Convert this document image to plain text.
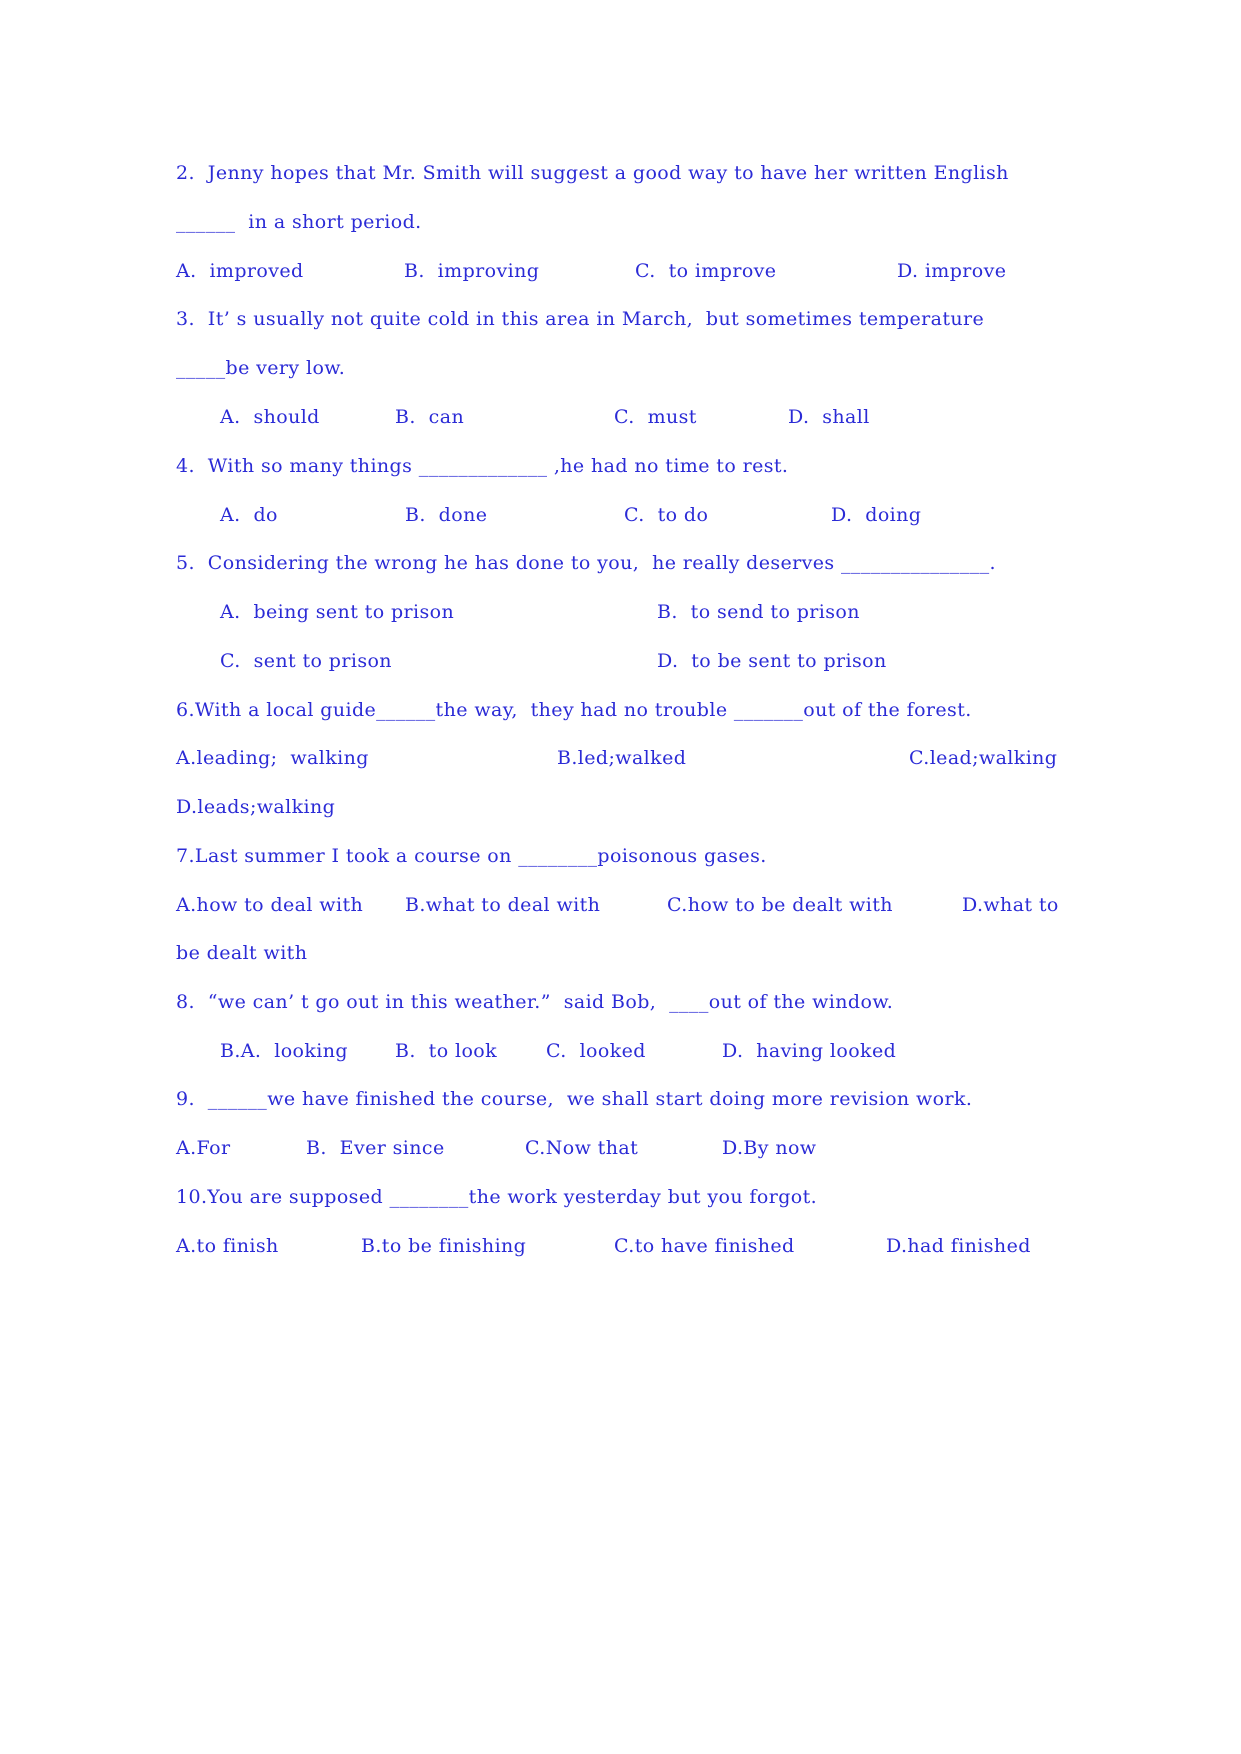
2.  Jenny hopes that Mr. Smith will suggest a good way to have her written English
______  in a short period.
A.  improved	B.  improving	C.  to improve	D. improve
3.  It’ s usually not quite cold in this area in March,  but sometimes temperature
_____be very low.
A.  should	B.  can	C.  must	D.  shall
4.  With so many things _____________ ,he had no time to rest.
A.  do	B.  done	C.  to do	D.  doing
5.  Considering the wrong he has done to you,  he really deserves _______________.
A.  being sent to prison	B.  to send to prison
C.  sent to prison	D.  to be sent to prison
6.With a local guide______the way,  they had no trouble _______out of the forest.
A.leading;  walking	B.led;walked	C.lead;walking
D.leads;walking
7.Last summer I took a course on ________poisonous gases.
A.how to deal with B.what to deal with	C.how to be dealt with	D.what to
be dealt with
8.  “we can’ t go out in this weather.”  said Bob,  ____out of the window.
B.A.  looking B.  to look	C.  looked	D.  having looked
9.  ______we have finished the course,  we shall start doing more revision work.
A.For	B.  Ever since	C.Now that	D.By now
10.You are supposed ________the work yesterday but you forgot.
A.to finish	B.to be finishing	C.to have finished	D.had finished
